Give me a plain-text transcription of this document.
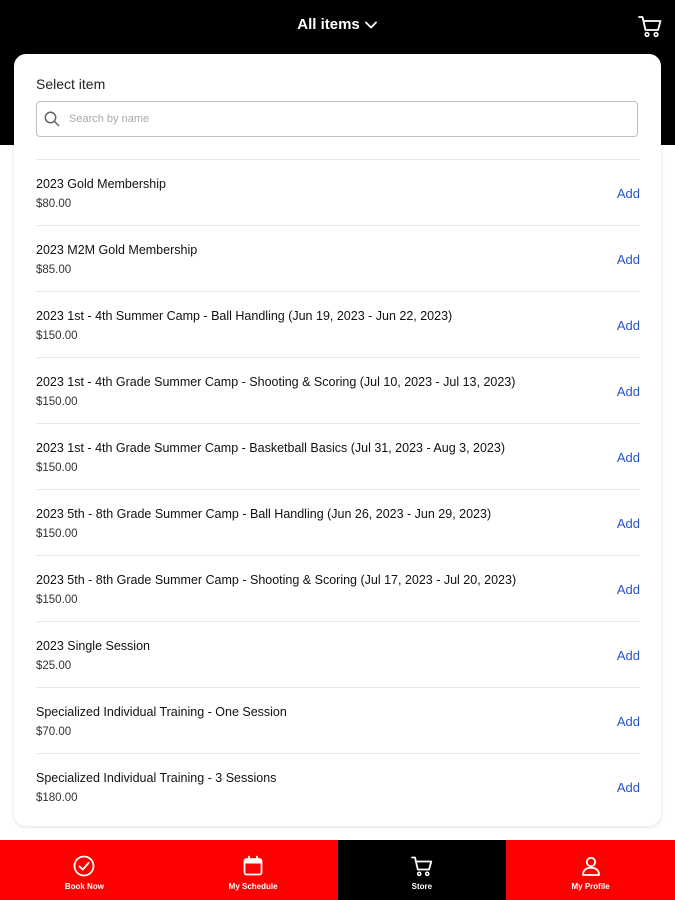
All items
Select item
Search by name
2023 Gold Membership
$80.00
Add
2023 M2M Gold Membership
$85.00
Add
2023 1st - 4th Summer Camp - Ball Handling (Jun 19, 2023 - Jun 22, 2023)
$150.00
Add
2023 1st - 4th Grade Summer Camp - Shooting & Scoring (Jul 10, 2023 - Jul 13, 2023)
$150.00
Add
2023 1st - 4th Grade Summer Camp - Basketball Basics (Jul 31, 2023 - Aug 3, 2023)
$150.00
Add
2023 5th - 8th Grade Summer Camp - Ball Handling (Jun 26, 2023 - Jun 29, 2023)
$150.00
Add
2023 5th - 8th Grade Summer Camp - Shooting & Scoring (Jul 17, 2023 - Jul 20, 2023)
$150.00
Add
2023 Single Session
$25.00
Add
Specialized Individual Training - One Session
$70.00
Add
Specialized Individual Training - 3 Sessions
$180.00
Add
Book Now	My Schedule	Store	My Profile
